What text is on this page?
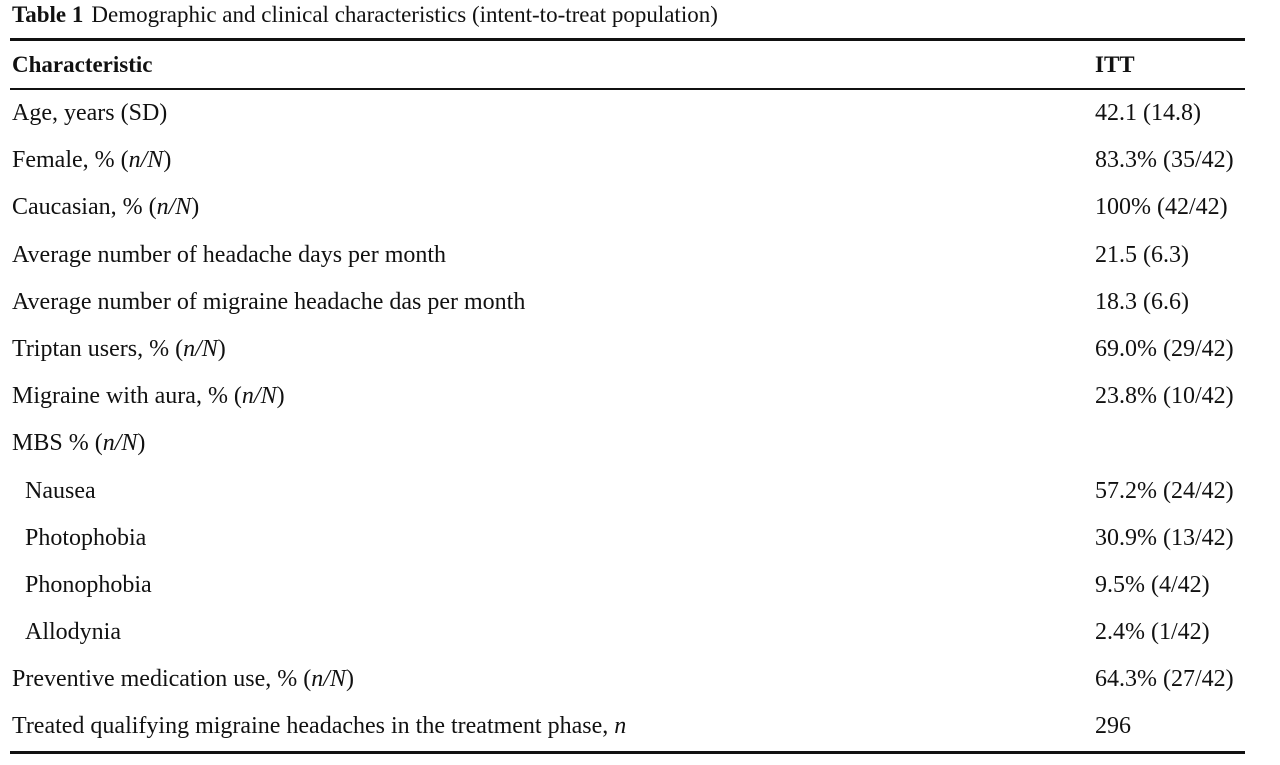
Table 1 Demographic and clinical characteristics (intent-to-treat population)
Characteristic	ITT
Age, years (SD)	42.1 (14.8)
Female, % (n/N)	83.3% (35/42)
Caucasian, % (n/N)	100% (42/42)
Average number of headache days per month	21.5 (6.3)
Average number of migraine headache das per month	18.3 (6.6)
Triptan users, % (n/N)	69.0% (29/42)
Migraine with aura, % (n/N)	23.8% (10/42)
MBS % (n/N)
Nausea	57.2% (24/42)
Photophobia	30.9% (13/42)
Phonophobia	9.5% (4/42)
Allodynia	2.4% (1/42)
Preventive medication use, % (n/N)	64.3% (27/42)
Treated qualifying migraine headaches in the treatment phase, n	296
